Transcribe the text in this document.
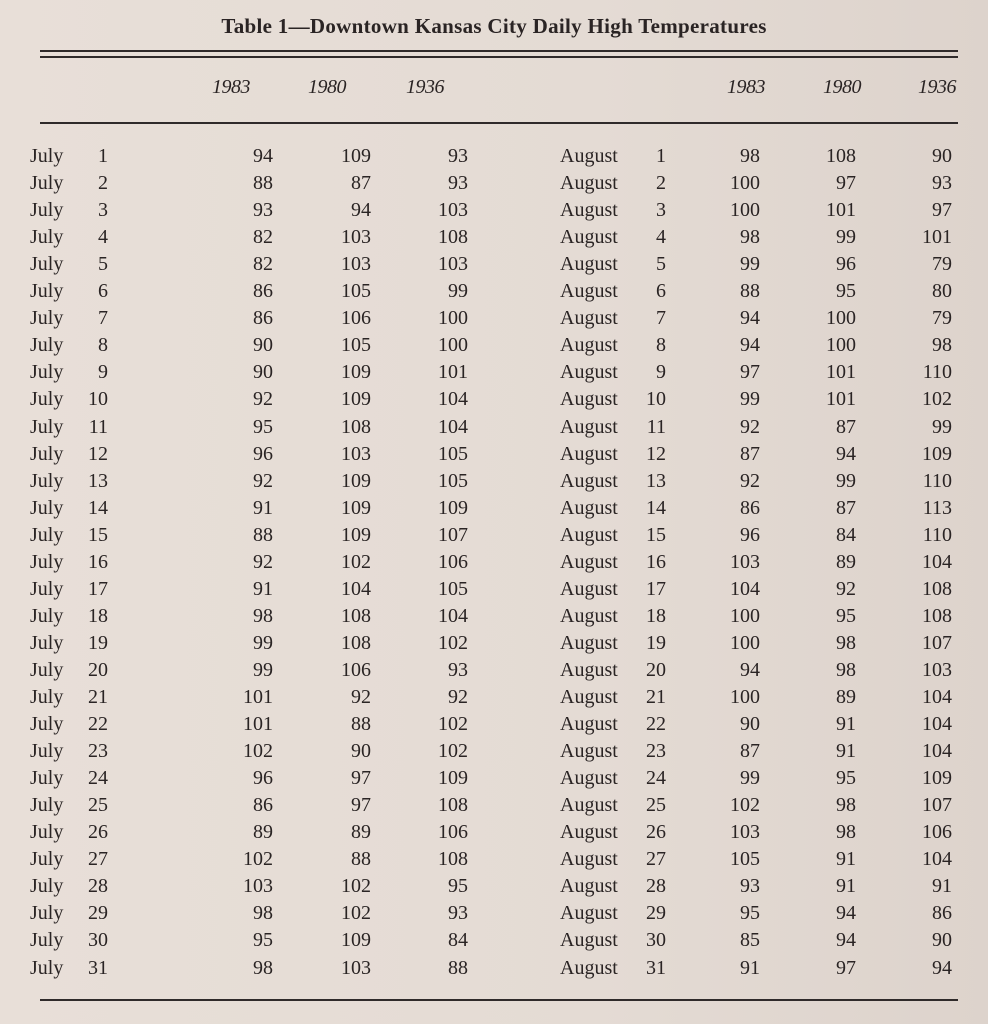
Table 1—Downtown Kansas City Daily High Temperatures
1983	1980	1936	1983	1980	1936
July	1	94	109	93
July	2	88	87	93
July	3	93	94	103
July	4	82	103	108
July	5	82	103	103
July	6	86	105	99
July	7	86	106	100
July	8	90	105	100
July	9	90	109	101
July	10	92	109	104
July	11	95	108	104
July	12	96	103	105
July	13	92	109	105
July	14	91	109	109
July	15	88	109	107
July	16	92	102	106
July	17	91	104	105
July	18	98	108	104
July	19	99	108	102
July	20	99	106	93
July	21	101	92	92
July	22	101	88	102
July	23	102	90	102
July	24	96	97	109
July	25	86	97	108
July	26	89	89	106
July	27	102	88	108
July	28	103	102	95
July	29	98	102	93
July	30	95	109	84
July	31	98	103	88
August	1	98	108	90
August	2	100	97	93
August	3	100	101	97
August	4	98	99	101
August	5	99	96	79
August	6	88	95	80
August	7	94	100	79
August	8	94	100	98
August	9	97	101	110
August	10	99	101	102
August	11	92	87	99
August	12	87	94	109
August	13	92	99	110
August	14	86	87	113
August	15	96	84	110
August	16	103	89	104
August	17	104	92	108
August	18	100	95	108
August	19	100	98	107
August	20	94	98	103
August	21	100	89	104
August	22	90	91	104
August	23	87	91	104
August	24	99	95	109
August	25	102	98	107
August	26	103	98	106
August	27	105	91	104
August	28	93	91	91
August	29	95	94	86
August	30	85	94	90
August	31	91	97	94
